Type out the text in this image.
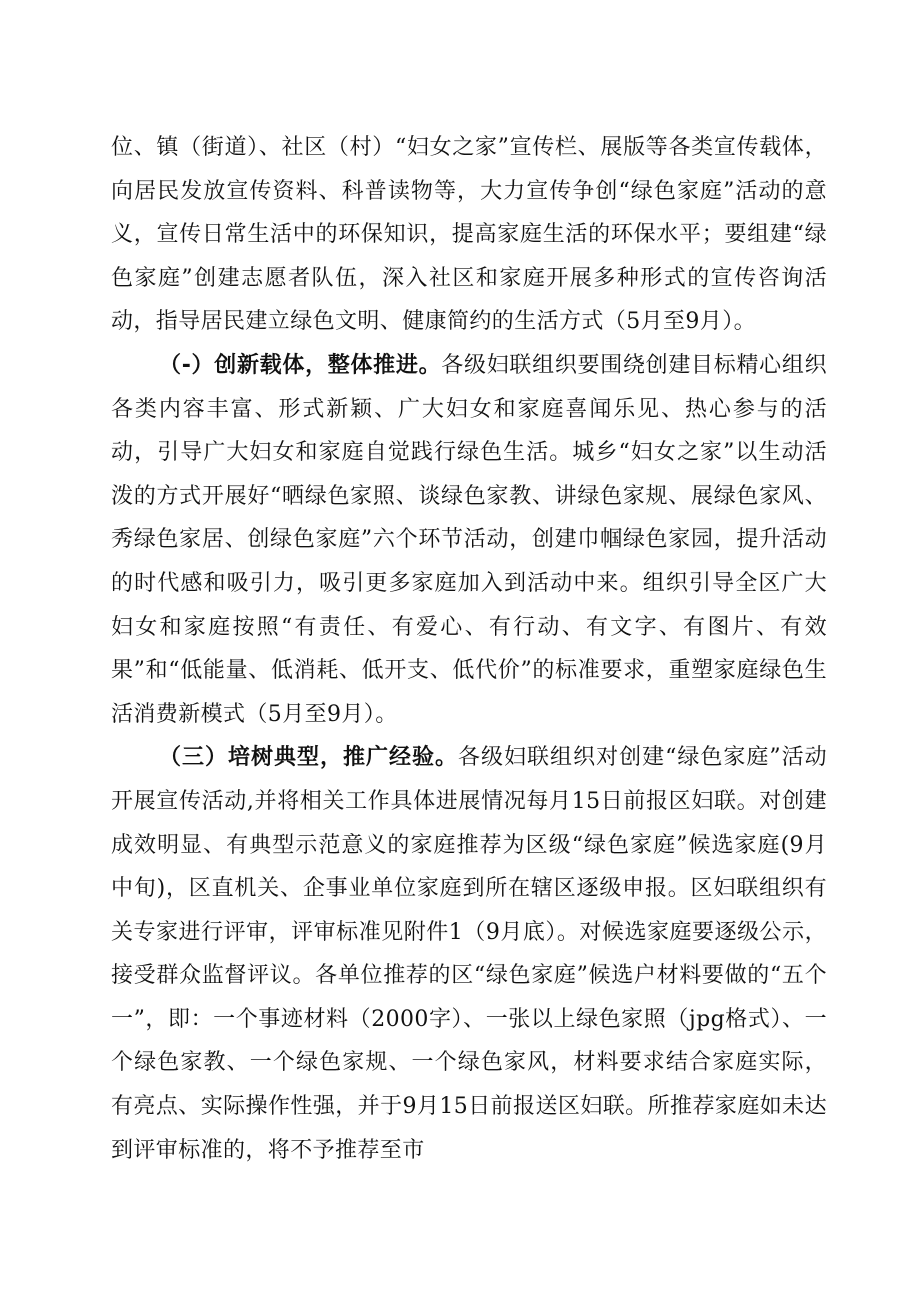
位、镇（街道）、社区（村）“妇女之家”宣传栏、展版等各类宣传载体，向居民发放宣传资料、科普读物等，大力宣传争创“绿色家庭”活动的意义，宣传日常生活中的环保知识，提高家庭生活的环保水平；要组建“绿色家庭”创建志愿者队伍，深入社区和家庭开展多种形式的宣传咨询活动，指导居民建立绿色文明、健康简约的生活方式（5月至9月）。

（-）创新载体，整体推进。各级妇联组织要围绕创建目标精心组织各类内容丰富、形式新颖、广大妇女和家庭喜闻乐见、热心参与的活动，引导广大妇女和家庭自觉践行绿色生活。城乡“妇女之家”以生动活泼的方式开展好“晒绿色家照、谈绿色家教、讲绿色家规、展绿色家风、秀绿色家居、创绿色家庭”六个环节活动，创建巾帼绿色家园，提升活动的时代感和吸引力，吸引更多家庭加入到活动中来。组织引导全区广大妇女和家庭按照“有责任、有爱心、有行动、有文字、有图片、有效果”和“低能量、低消耗、低开支、低代价”的标准要求，重塑家庭绿色生活消费新模式（5月至9月）。

（三）培树典型，推广经验。各级妇联组织对创建“绿色家庭”活动开展宣传活动,并将相关工作具体进展情况每月15日前报区妇联。对创建成效明显、有典型示范意义的家庭推荐为区级“绿色家庭”候选家庭(9月中旬)，区直机关、企事业单位家庭到所在辖区逐级申报。区妇联组织有关专家进行评审，评审标准见附件1（9月底）。对候选家庭要逐级公示，接受群众监督评议。各单位推荐的区“绿色家庭”候选户材料要做的“五个一”，即：一个事迹材料（2000字）、一张以上绿色家照（jpg格式）、一个绿色家教、一个绿色家规、一个绿色家风，材料要求结合家庭实际，有亮点、实际操作性强，并于9月15日前报送区妇联。所推荐家庭如未达到评审标准的，将不予推荐至市
